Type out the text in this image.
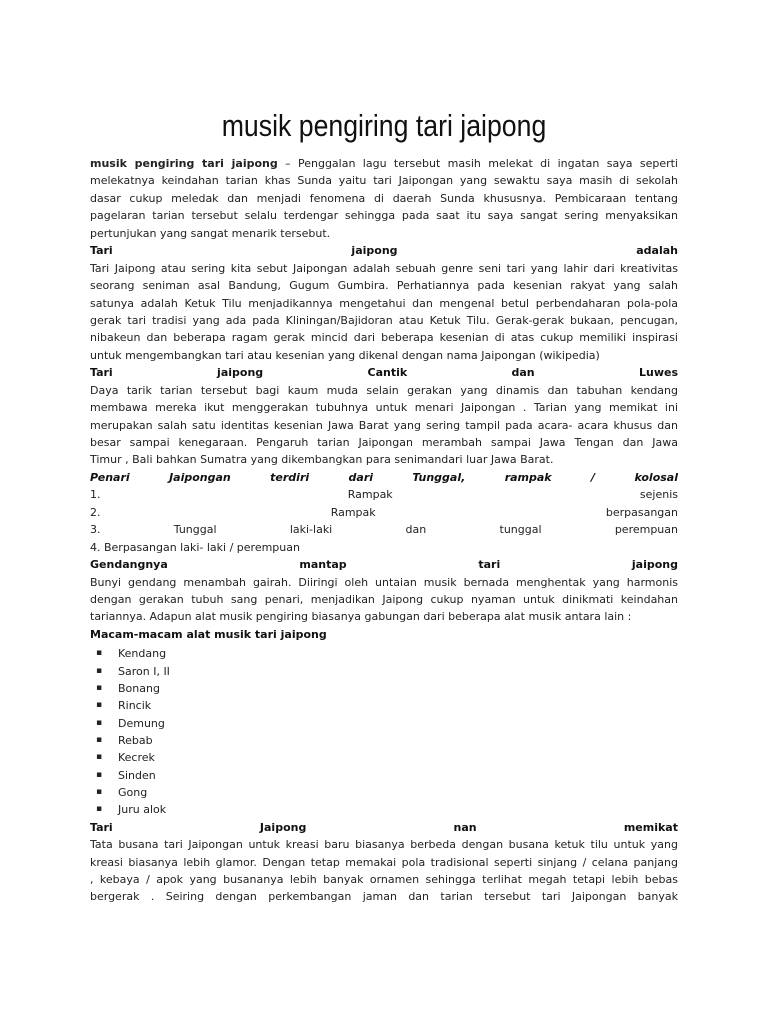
musik pengiring tari jaipong
musik pengiring tari jaipong – Penggalan lagu tersebut masih melekat di ingatan saya seperti
melekatnya keindahan tarian khas Sunda yaitu tari Jaipongan yang sewaktu saya masih di sekolah
dasar cukup meledak dan menjadi fenomena di daerah Sunda khususnya. Pembicaraan tentang
pagelaran tarian tersebut selalu terdengar sehingga pada saat itu saya sangat sering menyaksikan
pertunjukan yang sangat menarik tersebut.
Tari jaipong adalah
Tari Jaipong atau sering kita sebut Jaipongan adalah sebuah genre seni tari yang lahir dari kreativitas
seorang seniman asal Bandung, Gugum Gumbira. Perhatiannya pada kesenian rakyat yang salah
satunya adalah Ketuk Tilu menjadikannya mengetahui dan mengenal betul perbendaharan pola-pola
gerak tari tradisi yang ada pada Kliningan/Bajidoran atau Ketuk Tilu. Gerak-gerak bukaan, pencugan,
nibakeun dan beberapa ragam gerak mincid dari beberapa kesenian di atas cukup memiliki inspirasi
untuk mengembangkan tari atau kesenian yang dikenal dengan nama Jaipongan (wikipedia)
Tari jaipong Cantik dan Luwes
Daya tarik tarian tersebut bagi kaum muda selain gerakan yang dinamis dan tabuhan kendang
membawa mereka ikut menggerakan tubuhnya untuk menari Jaipongan . Tarian yang memikat ini
merupakan salah satu identitas kesenian Jawa Barat yang sering tampil pada acara- acara khusus dan
besar sampai kenegaraan. Pengaruh tarian Jaipongan merambah sampai Jawa Tengan dan Jawa
Timur , Bali bahkan Sumatra yang dikembangkan para senimandari luar Jawa Barat.
Penari Jaipongan terdiri dari Tunggal, rampak / kolosal
1. Rampak sejenis
2. Rampak berpasangan
3. Tunggal laki-laki dan tunggal perempuan
4. Berpasangan laki- laki / perempuan
Gendangnya mantap tari jaipong
Bunyi gendang menambah gairah. Diiringi oleh untaian musik bernada menghentak yang harmonis
dengan gerakan tubuh sang penari, menjadikan Jaipong cukup nyaman untuk dinikmati keindahan
tariannya. Adapun alat musik pengiring biasanya gabungan dari beberapa alat musik antara lain :
Macam-macam alat musik tari jaipong
▪ Kendang
▪ Saron I, II
▪ Bonang
▪ Rincik
▪ Demung
▪ Rebab
▪ Kecrek
▪ Sinden
▪ Gong
▪ Juru alok
Tari Jaipong nan memikat
Tata busana tari Jaipongan untuk kreasi baru biasanya berbeda dengan busana ketuk tilu untuk yang
kreasi biasanya lebih glamor. Dengan tetap memakai pola tradisional seperti sinjang / celana panjang
, kebaya / apok yang busananya lebih banyak ornamen sehingga terlihat megah tetapi lebih bebas
bergerak . Seiring dengan perkembangan jaman dan tarian tersebut tari Jaipongan banyak
